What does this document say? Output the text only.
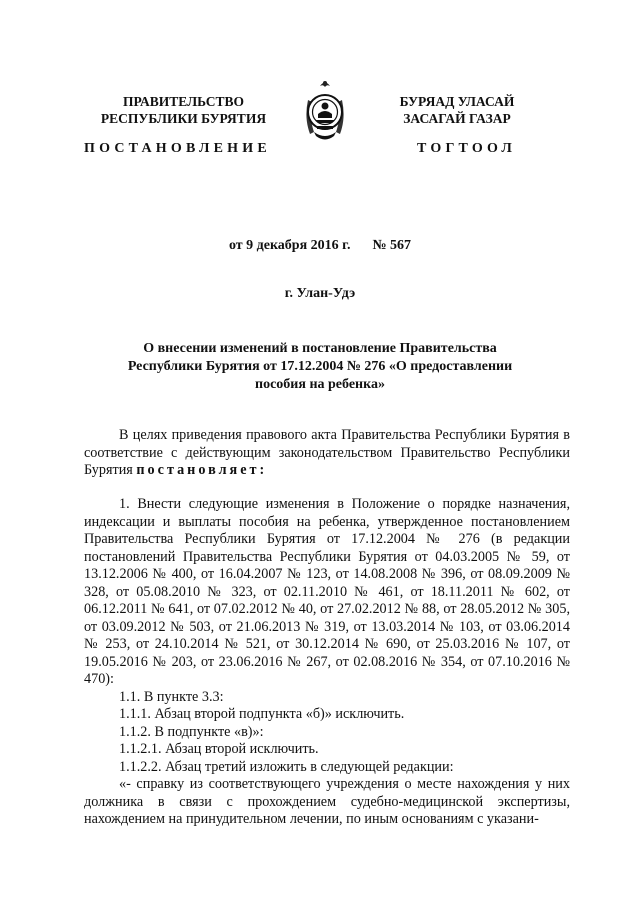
ПРАВИТЕЛЬСТВО
РЕСПУБЛИКИ БУРЯТИЯ
БУРЯАД УЛАСАЙ
ЗАСАГАЙ ГАЗАР
ПОСТАНОВЛЕНИЕ	ТОГТООЛ
от 9 декабря 2016 г. № 567
г. Улан-Удэ
О внесении изменений в постановление Правительства
Республики Бурятия от 17.12.2004 № 276 «О предоставлении
пособия на ребенка»

В целях приведения правового акта Правительства Республики Бурятия в соответствие с действующим законодательством Правительство Республики Бурятия постановляет:

1. Внести следующие изменения в Положение о порядке назначения, индексации и выплаты пособия на ребенка, утвержденное постановлением Правительства Республики Бурятия от 17.12.2004 № 276 (в редакции постановлений Правительства Республики Бурятия от 04.03.2005 № 59, от 13.12.2006 № 400, от 16.04.2007 № 123, от 14.08.2008 № 396, от 08.09.2009 № 328, от 05.08.2010 № 323, от 02.11.2010 № 461, от 18.11.2011 № 602, от 06.12.2011 № 641, от 07.02.2012 № 40, от 27.02.2012 № 88, от 28.05.2012 № 305, от 03.09.2012 № 503, от 21.06.2013 № 319, от 13.03.2014 № 103, от 03.06.2014 № 253, от 24.10.2014 № 521, от 30.12.2014 № 690, от 25.03.2016 № 107, от 19.05.2016 № 203, от 23.06.2016 № 267, от 02.08.2016 № 354, от 07.10.2016 № 470):

1.1. В пункте 3.3:
1.1.1. Абзац второй подпункта «б)» исключить.
1.1.2. В подпункте «в)»:
1.1.2.1. Абзац второй исключить.
1.1.2.2. Абзац третий изложить в следующей редакции:

«- справку из соответствующего учреждения о месте нахождения у них должника в связи с прохождением судебно-медицинской экспертизы, нахождением на принудительном лечении, по иным основаниям с указани-
